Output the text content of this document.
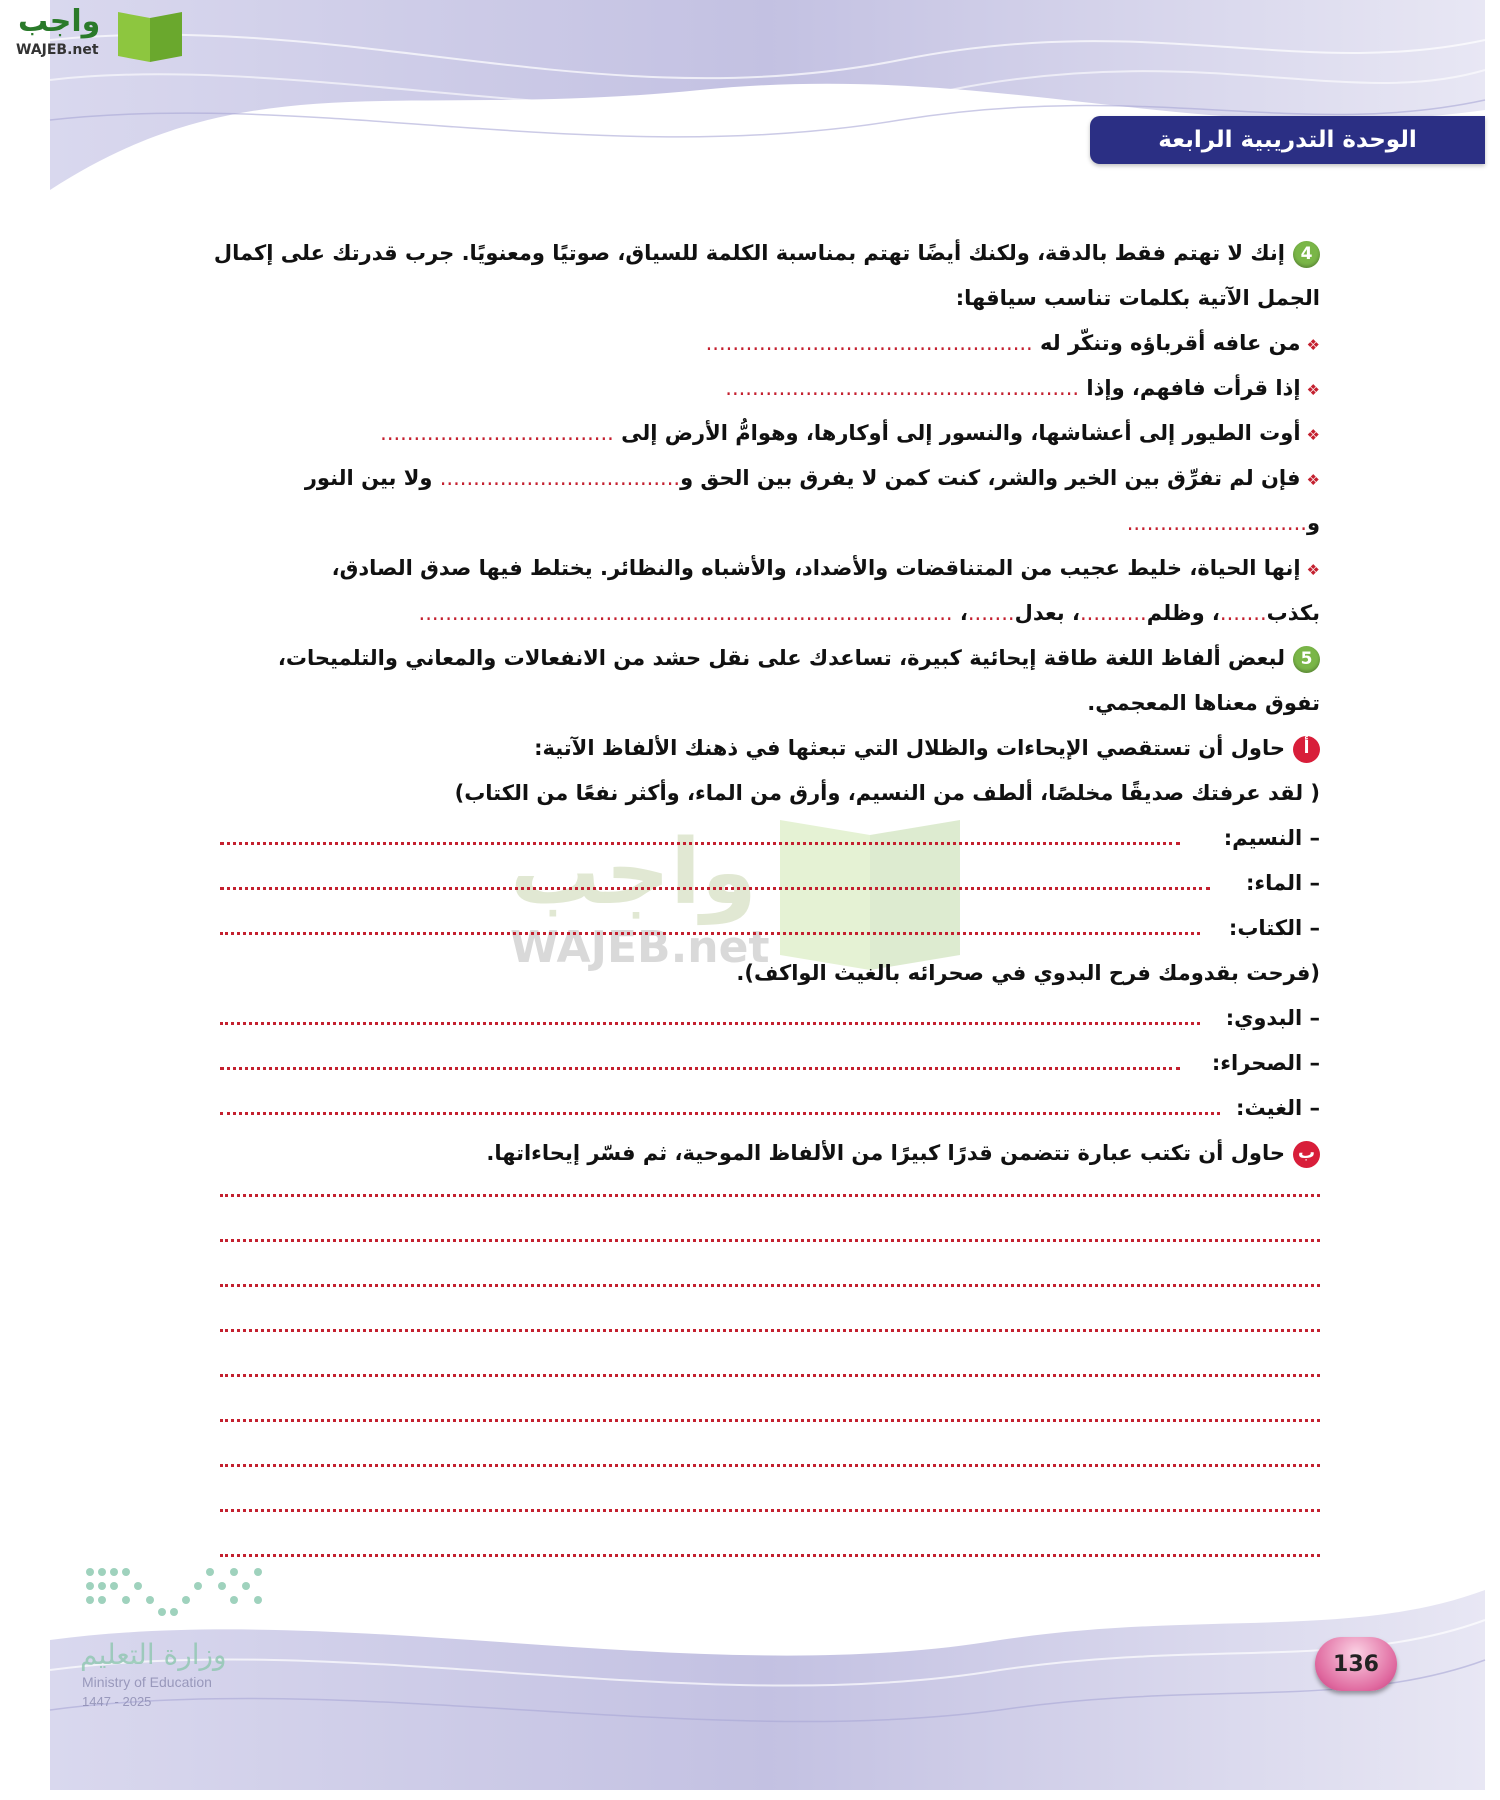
واجب
WAJEB.net
الوحدة التدريبية الرابعة
واجب
WAJEB.net
4إنك لا تهتم فقط بالدقة، ولكنك أيضًا تهتم بمناسبة الكلمة للسياق، صوتيًا ومعنويًا. جرب قدرتك على إكمال
الجمل الآتية بكلمات تناسب سياقها:
❖من عافه أقرباؤه وتنكّر له .................................................
❖إذا قرأت فافهم، وإذا .....................................................
❖أوت الطيور إلى أعشاشها، والنسور إلى أوكارها، وهوامُّ الأرض إلى ...................................
❖فإن لم تفرِّق بين الخير والشر، كنت كمن لا يفرق بين الحق و.................................... ولا بين النور
و...........................
❖إنها الحياة، خليط عجيب من المتناقضات والأضداد، والأشباه والنظائر. يختلط فيها صدق الصادق،
بكذب.......، وظلم..........، بعدل.......، ................................................................................
5لبعض ألفاظ اللغة طاقة إيحائية كبيرة، تساعدك على نقل حشد من الانفعالات والمعاني والتلميحات،
تفوق معناها المعجمي.
أحاول أن تستقصي الإيحاءات والظلال التي تبعثها في ذهنك الألفاظ الآتية:
( لقد عرفتك صديقًا مخلصًا، ألطف من النسيم، وأرق من الماء، وأكثر نفعًا من الكتاب)
– النسيم:
– الماء:
– الكتاب:
(فرحت بقدومك فرح البدوي في صحرائه بالغيث الواكف).
– البدوي:
– الصحراء:
– الغيث:
بحاول أن تكتب عبارة تتضمن قدرًا كبيرًا من الألفاظ الموحية، ثم فسّر إيحاءاتها.
وزارة التعليم
Ministry of Education
2025 - 1447
136
